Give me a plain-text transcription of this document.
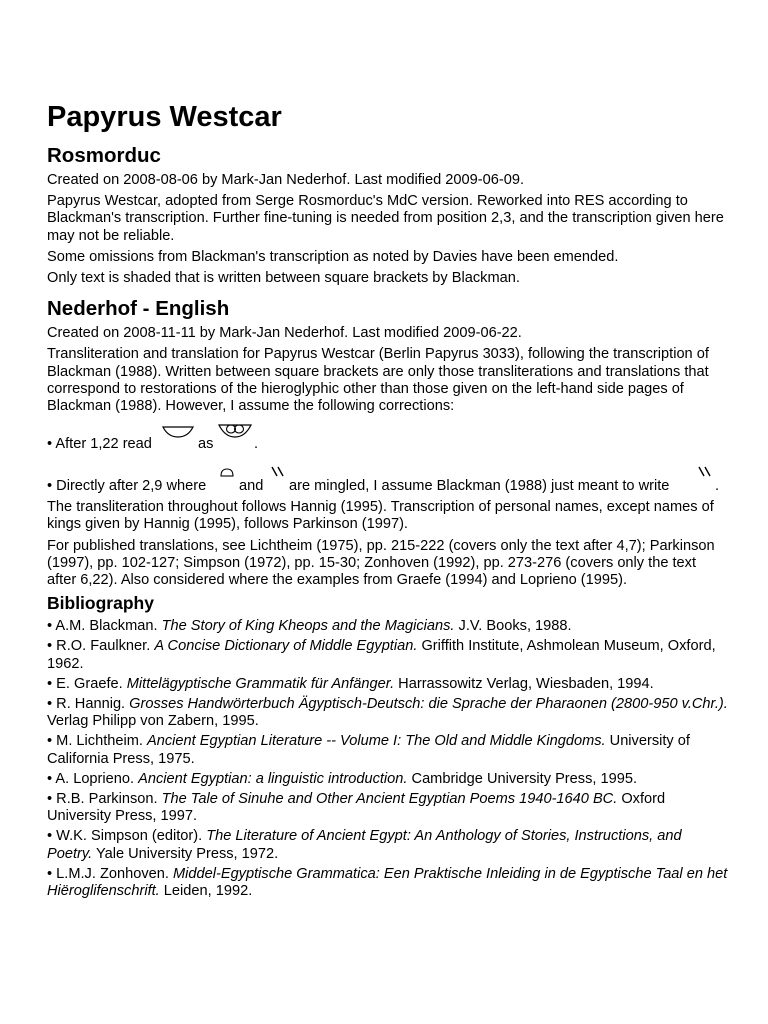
Papyrus Westcar
Rosmorduc

Created on 2008-08-06 by Mark-Jan Nederhof. Last modified 2009-06-09.

Papyrus Westcar, adopted from Serge Rosmorduc's MdC version. Reworked into RES according to Blackman's transcription. Further fine-tuning is needed from position 2,3, and the transcription given here may not be reliable.

Some omissions from Blackman's transcription as noted by Davies have been emended.

Only text is shaded that is written between square brackets by Blackman.

Nederhof - English

Created on 2008-11-11 by Mark-Jan Nederhof. Last modified 2009-06-22.

Transliteration and translation for Papyrus Westcar (Berlin Papyrus 3033), following the transcription of Blackman (1988). Written between square brackets are only those transliterations and translations that correspond to restorations of the hieroglyphic other than those given on the left-hand side pages of Blackman (1988). However, I assume the following corrections:

• After 1,22 read	as	.
• Directly after 2,9 where and are mingled, I assume Blackman (1988) just meant to write	.

The transliteration throughout follows Hannig (1995). Transcription of personal names, except names of kings given by Hannig (1995), follows Parkinson (1997).

For published translations, see Lichtheim (1975), pp. 215-222 (covers only the text after 4,7); Parkinson (1997), pp. 102-127; Simpson (1972), pp. 15-30; Zonhoven (1992), pp. 273-276 (covers only the text after 6,22). Also considered where the examples from Graefe (1994) and Loprieno (1995).

Bibliography

• A.M. Blackman. The Story of King Kheops and the Magicians. J.V. Books, 1988.

• R.O. Faulkner. A Concise Dictionary of Middle Egyptian. Griffith Institute, Ashmolean Museum, Oxford, 1962.

• E. Graefe. Mittelägyptische Grammatik für Anfänger. Harrassowitz Verlag, Wiesbaden, 1994.

• R. Hannig. Grosses Handwörterbuch Ägyptisch-Deutsch: die Sprache der Pharaonen (2800-950 v.Chr.). Verlag Philipp von Zabern, 1995.

• M. Lichtheim. Ancient Egyptian Literature -- Volume I: The Old and Middle Kingdoms. University of California Press, 1975.

• A. Loprieno. Ancient Egyptian: a linguistic introduction. Cambridge University Press, 1995.

• R.B. Parkinson. The Tale of Sinuhe and Other Ancient Egyptian Poems 1940-1640 BC. Oxford University Press, 1997.

• W.K. Simpson (editor). The Literature of Ancient Egypt: An Anthology of Stories, Instructions, and Poetry. Yale University Press, 1972.

• L.M.J. Zonhoven. Middel-Egyptische Grammatica: Een Praktische Inleiding in de Egyptische Taal en het Hiëroglifenschrift. Leiden, 1992.
